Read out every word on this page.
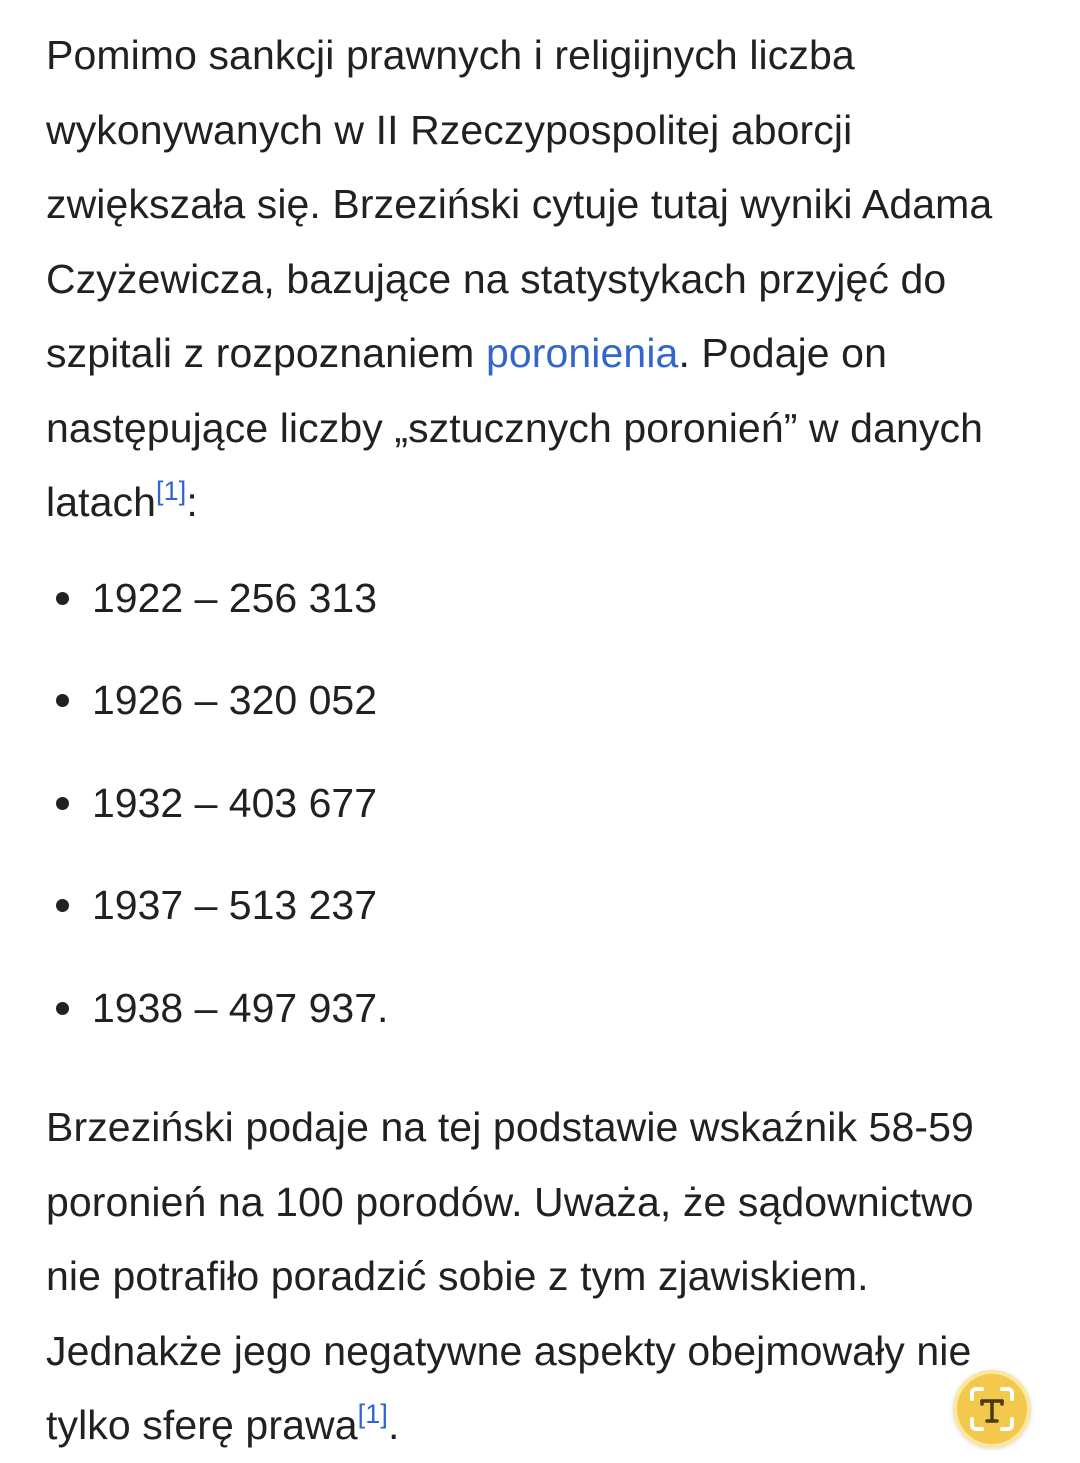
Pomimo sankcji prawnych i religijnych liczba wykonywanych w II Rzeczypospolitej aborcji zwiększała się. Brzeziński cytuje tutaj wyniki Adama Czyżewicza, bazujące na statystykach przyjęć do szpitali z rozpoznaniem poronienia. Podaje on następujące liczby „sztucznych poronień” w danych latach[1]:

1922 – 256 313
1926 – 320 052
1932 – 403 677
1937 – 513 237
1938 – 497 937.

Brzeziński podaje na tej podstawie wskaźnik 58-59 poronień na 100 porodów. Uważa, że sądownictwo nie potrafiło poradzić sobie z tym zjawiskiem. Jednakże jego negatywne aspekty obejmowały nie tylko sferę prawa[1].
